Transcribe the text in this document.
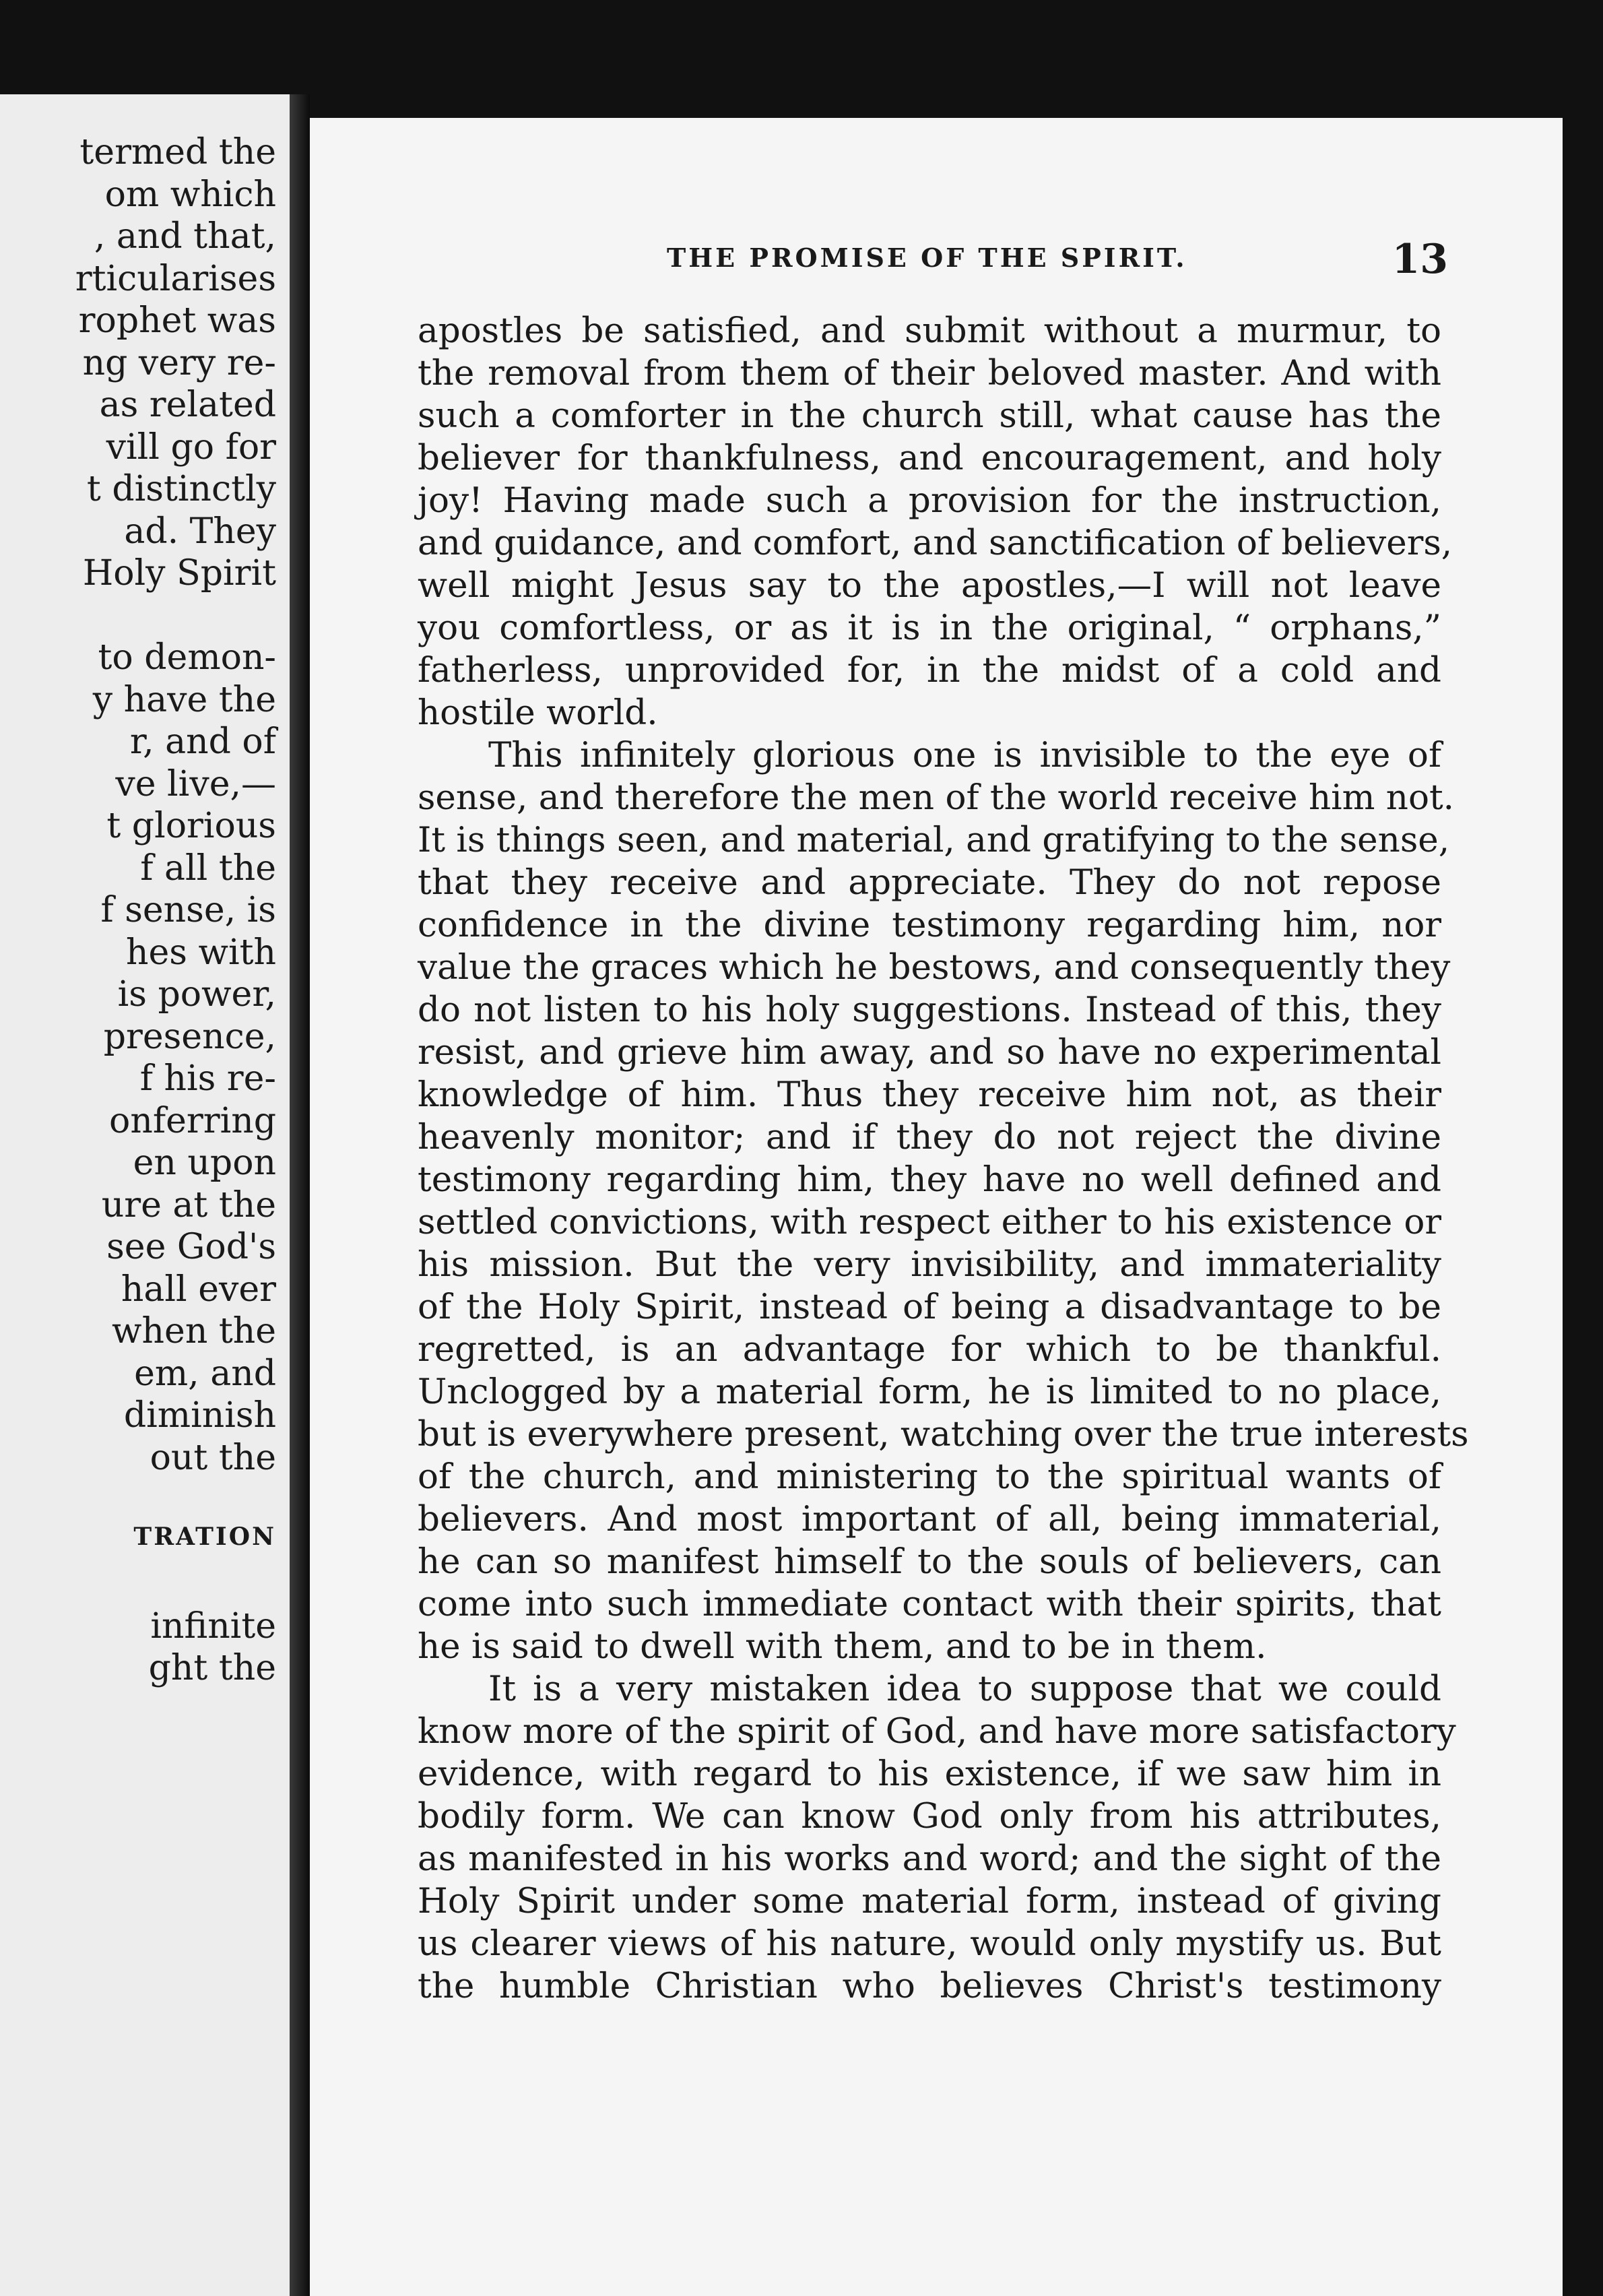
termed the
om which
, and that,
rticularises
rophet was
ng very re-
as related
vill go for
t distinctly
ad. They
Holy Spirit
to demon-
y have the
r, and of
ve live,—
t glorious
f all the
f sense, is
hes with
is power,
presence,
f his re-
onferring
en upon
ure at the
see God's
hall ever
when the
em, and
diminish
out the
TRATION
infinite
ght the
THE PROMISE OF THE SPIRIT.	13
apostles be satisfied, and submit without a murmur, to
the removal from them of their beloved master. And with
such a comforter in the church still, what cause has the
believer for thankfulness, and encouragement, and holy
joy! Having made such a provision for the instruction,
and guidance, and comfort, and sanctification of believers,
well might Jesus say to the apostles,—I will not leave
you comfortless, or as it is in the original, “ orphans,”
fatherless, unprovided for, in the midst of a cold and
hostile world.
This infinitely glorious one is invisible to the eye of
sense, and therefore the men of the world receive him not.
It is things seen, and material, and gratifying to the sense,
that they receive and appreciate. They do not repose
confidence in the divine testimony regarding him, nor
value the graces which he bestows, and consequently they
do not listen to his holy suggestions. Instead of this, they
resist, and grieve him away, and so have no experimental
knowledge of him. Thus they receive him not, as their
heavenly monitor; and if they do not reject the divine
testimony regarding him, they have no well defined and
settled convictions, with respect either to his existence or
his mission. But the very invisibility, and immateriality
of the Holy Spirit, instead of being a disadvantage to be
regretted, is an advantage for which to be thankful.
Unclogged by a material form, he is limited to no place,
but is everywhere present, watching over the true interests
of the church, and ministering to the spiritual wants of
believers. And most important of all, being immaterial,
he can so manifest himself to the souls of believers, can
come into such immediate contact with their spirits, that
he is said to dwell with them, and to be in them.
It is a very mistaken idea to suppose that we could
know more of the spirit of God, and have more satisfactory
evidence, with regard to his existence, if we saw him in
bodily form. We can know God only from his attributes,
as manifested in his works and word; and the sight of the
Holy Spirit under some material form, instead of giving
us clearer views of his nature, would only mystify us. But
the humble Christian who believes Christ's testimony
